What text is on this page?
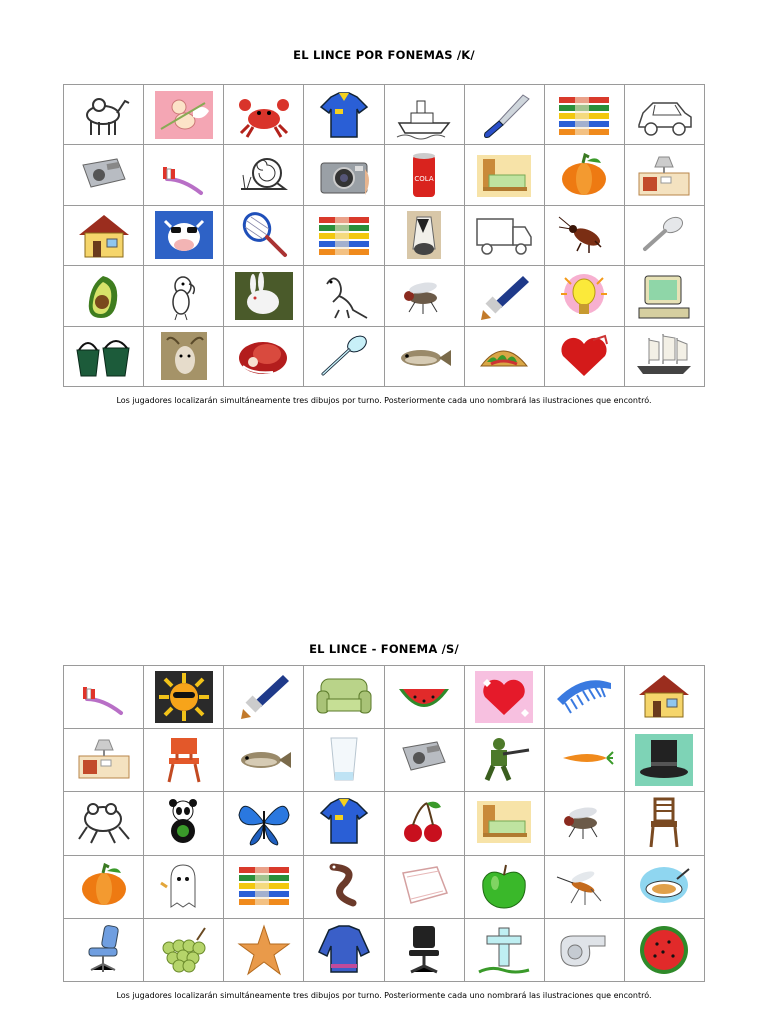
EL LINCE POR FONEMAS /K/
COLA
Los jugadores localizarán simultáneamente tres dibujos por turno. Posteriormente cada uno nombrará las ilustraciones que encontró.
EL LINCE - FONEMA /S/
Los jugadores localizarán simultáneamente tres dibujos por turno. Posteriormente cada uno nombrará las ilustraciones que encontró.
